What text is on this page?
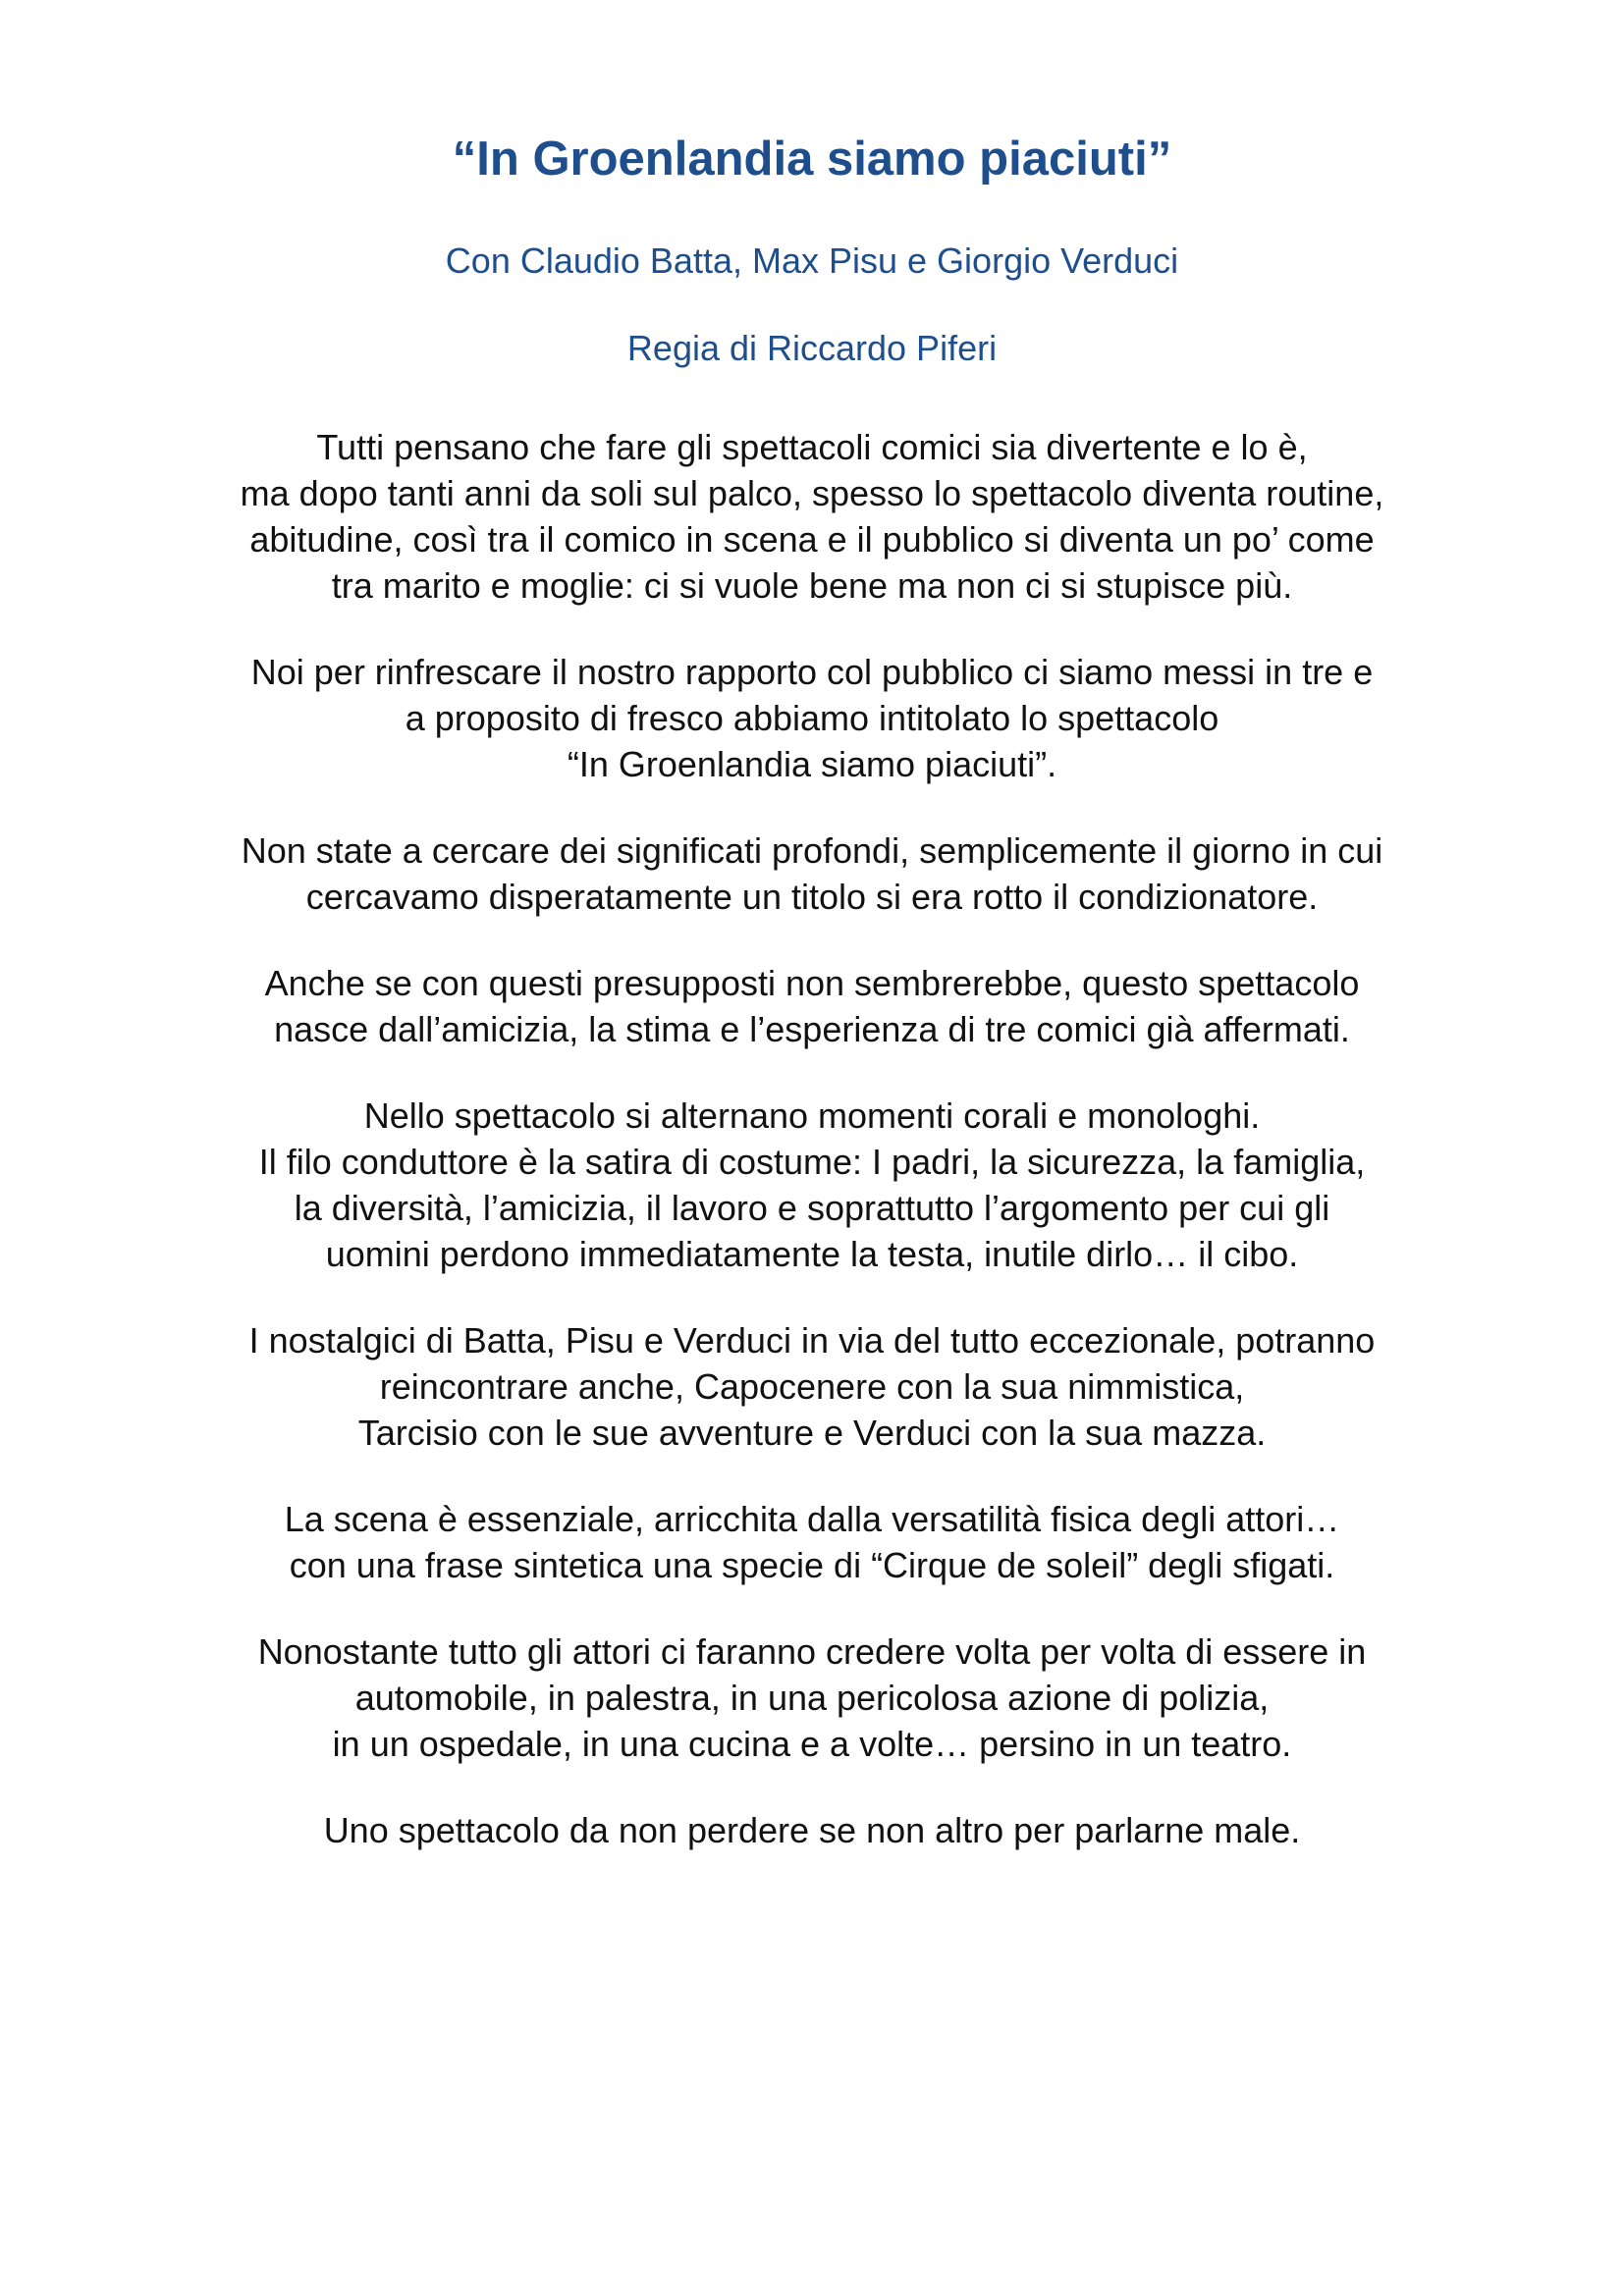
“In Groenlandia siamo piaciuti”

Con Claudio Batta, Max Pisu e Giorgio Verduci

Regia di Riccardo Piferi

Tutti pensano che fare gli spettacoli comici sia divertente e lo è,
ma dopo tanti anni da soli sul palco, spesso lo spettacolo diventa routine,
abitudine, così tra il comico in scena e il pubblico si diventa un po’ come
tra marito e moglie: ci si vuole bene ma non ci si stupisce più.

Noi per rinfrescare il nostro rapporto col pubblico ci siamo messi in tre e
a proposito di fresco abbiamo intitolato lo spettacolo
“In Groenlandia siamo piaciuti”.

Non state a cercare dei significati profondi, semplicemente il giorno in cui
cercavamo disperatamente un titolo si era rotto il condizionatore.

Anche se con questi presupposti non sembrerebbe, questo spettacolo
nasce dall’amicizia, la stima e l’esperienza di tre comici già affermati.

Nello spettacolo si alternano momenti corali e monologhi.
Il filo conduttore è la satira di costume: I padri, la sicurezza, la famiglia,
la diversità, l’amicizia, il lavoro e soprattutto l’argomento per cui gli
uomini perdono immediatamente la testa, inutile dirlo… il cibo.

I nostalgici di Batta, Pisu e Verduci in via del tutto eccezionale, potranno
reincontrare anche, Capocenere con la sua nimmistica,
Tarcisio con le sue avventure e Verduci con la sua mazza.

La scena è essenziale, arricchita dalla versatilità fisica degli attori…
con una frase sintetica una specie di “Cirque de soleil” degli sfigati.

Nonostante tutto gli attori ci faranno credere volta per volta di essere in
automobile, in palestra, in una pericolosa azione di polizia,
in un ospedale, in una cucina e a volte… persino in un teatro.

Uno spettacolo da non perdere se non altro per parlarne male.
